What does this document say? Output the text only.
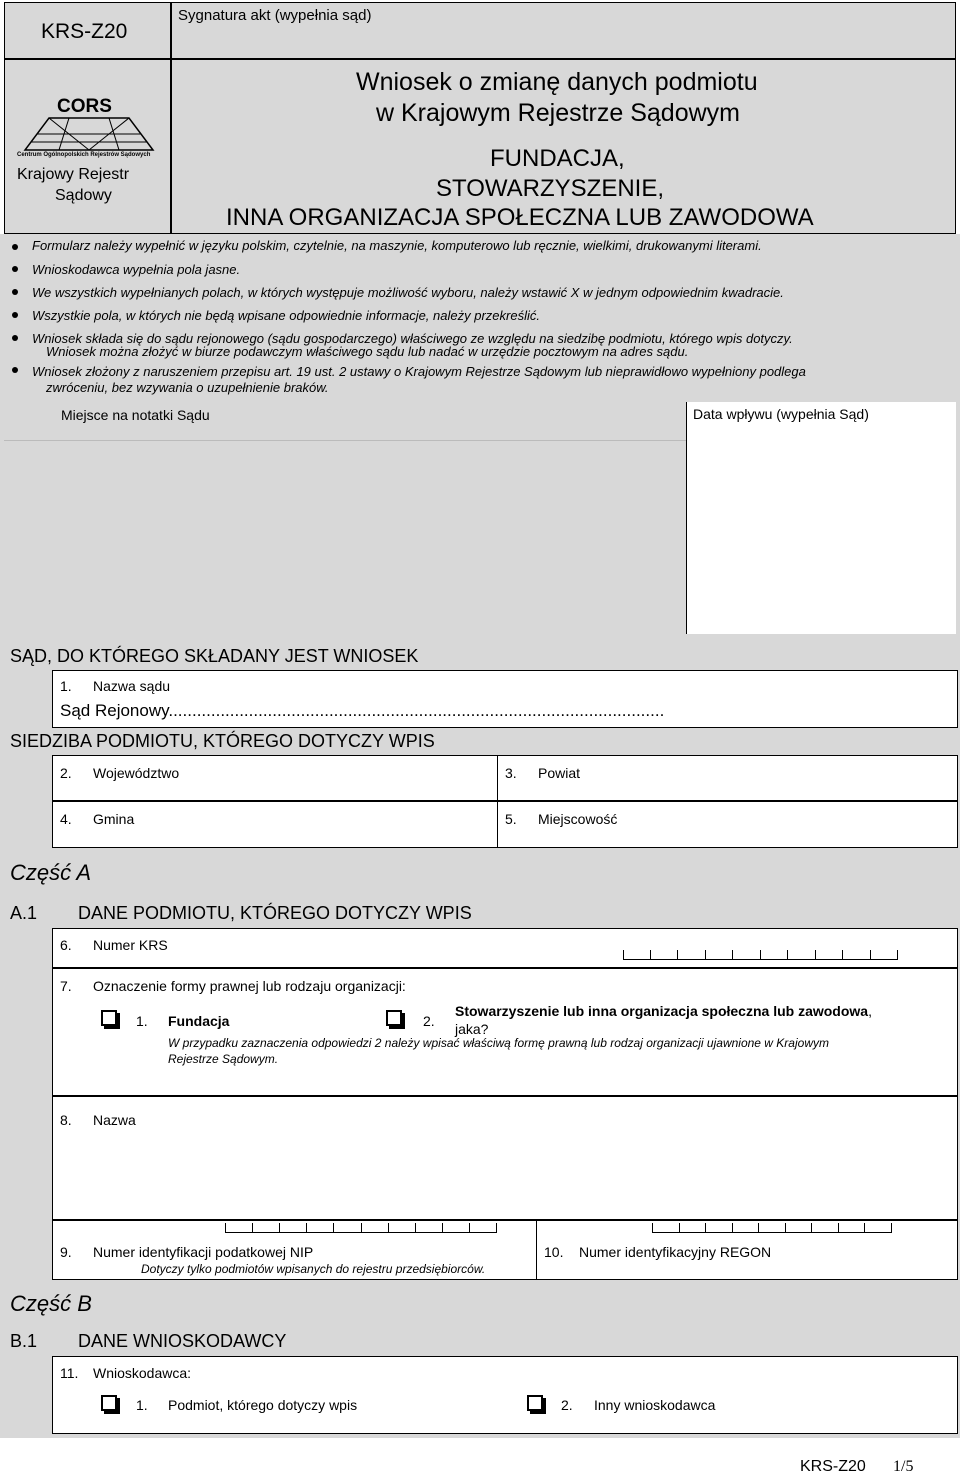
KRS-Z20
Sygnatura akt (wypełnia sąd)
CORS
Centrum Ogólnopolskich Rejestrów Sądowych
Krajowy Rejestr
Sądowy
Wniosek o zmianę danych podmiotu
w Krajowym Rejestrze Sądowym
FUNDACJA,
STOWARZYSZENIE,
INNA ORGANIZACJA SPOŁECZNA LUB ZAWODOWA
Formularz należy wypełnić w języku polskim, czytelnie, na maszynie, komputerowo lub ręcznie, wielkimi, drukowanymi literami.
Wnioskodawca wypełnia pola jasne.
We wszystkich wypełnianych polach, w których występuje możliwość wyboru, należy wstawić X w jednym odpowiednim kwadracie.
Wszystkie pola, w których nie będą wpisane odpowiednie informacje, należy przekreślić.
Wniosek składa się do sądu rejonowego (sądu gospodarczego) właściwego ze względu na siedzibę podmiotu, którego wpis dotyczy.
Wniosek można złożyć w biurze podawczym właściwego sądu lub nadać w urzędzie pocztowym na adres sądu.
Wniosek złożony z naruszeniem przepisu art. 19 ust. 2 ustawy o Krajowym Rejestrze Sądowym lub nieprawidłowo wypełniony podlega
zwróceniu, bez wzywania o uzupełnienie braków.
Miejsce na notatki Sądu	Data wpływu (wypełnia Sąd)
SĄD, DO KTÓREGO SKŁADANY JEST WNIOSEK
1. Nazwa sądu
Sąd Rejonowy.........................................................................................................
SIEDZIBA PODMIOTU, KTÓREGO DOTYCZY WPIS
2. Województwo	3. Powiat
4. Gmina	5. Miejscowość
Część A
A.1 DANE PODMIOTU, KTÓREGO DOTYCZY WPIS
6. Numer KRS
7. Oznaczenie formy prawnej lub rodzaju organizacji:
1. Fundacja	2.
Stowarzyszenie lub inna organizacja społeczna lub zawodowa,
jaka?
W przypadku zaznaczenia odpowiedzi 2 należy wpisać właściwą formę prawną lub rodzaj organizacji ujawnione w Krajowym
Rejestrze Sądowym.
8. Nazwa
9. Numer identyfikacji podatkowej NIP
Dotyczy tylko podmiotów wpisanych do rejestru przedsiębiorców.
10. Numer identyfikacyjny REGON
Część B
B.1 DANE WNIOSKODAWCY
11. Wnioskodawca:
1. Podmiot, którego dotyczy wpis	2. Inny wnioskodawca
KRS-Z20 1/5
